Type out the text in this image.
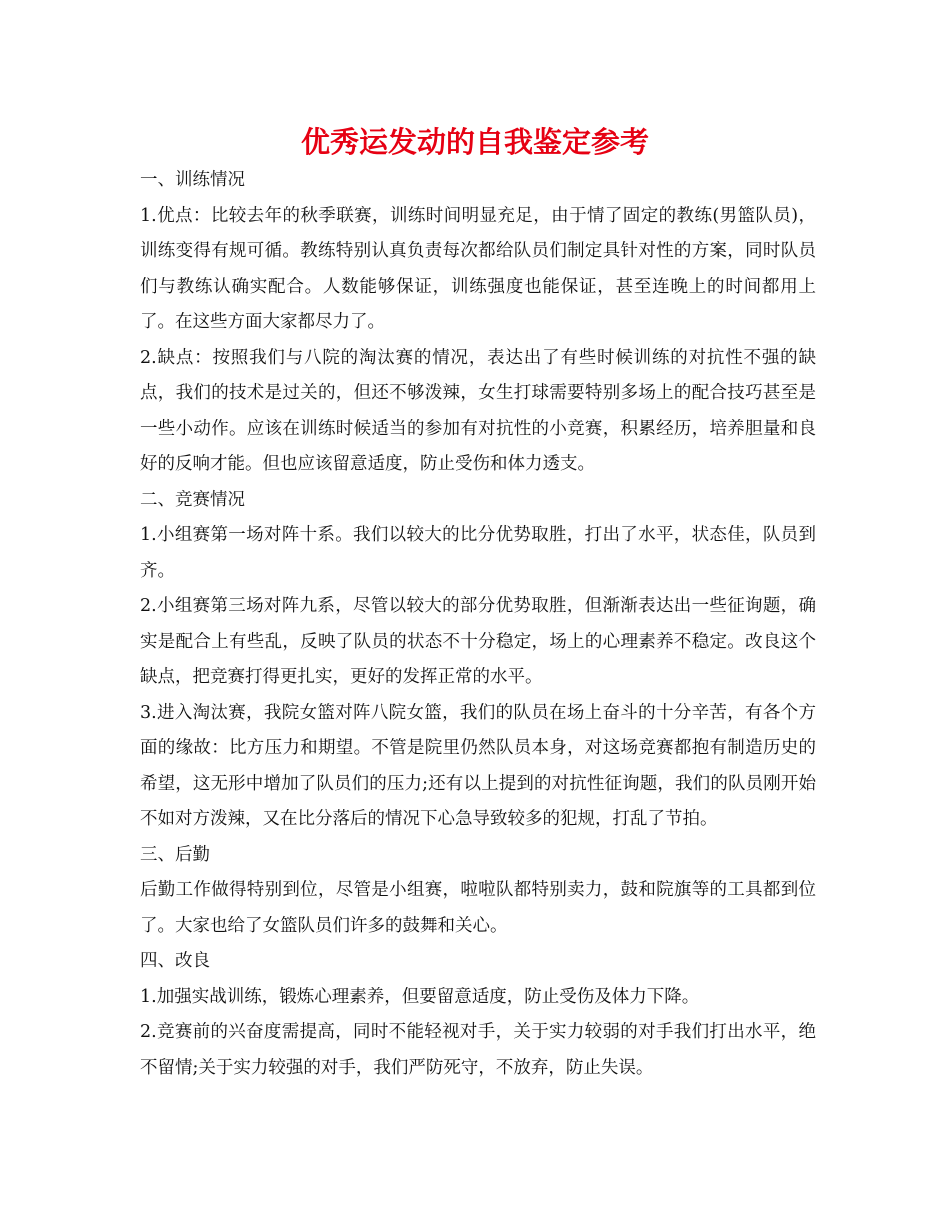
优秀运发动的自我鉴定参考

一、训练情况

1.优点：比较去年的秋季联赛，训练时间明显充足，由于情了固定的教练(男篮队员)，训练变得有规可循。教练特别认真负责每次都给队员们制定具针对性的方案，同时队员们与教练认确实配合。人数能够保证，训练强度也能保证，甚至连晚上的时间都用上了。在这些方面大家都尽力了。

2.缺点：按照我们与八院的淘汰赛的情况，表达出了有些时候训练的对抗性不强的缺点，我们的技术是过关的，但还不够泼辣，女生打球需要特别多场上的配合技巧甚至是一些小动作。应该在训练时候适当的参加有对抗性的小竞赛，积累经历，培养胆量和良好的反响才能。但也应该留意适度，防止受伤和体力透支。

二、竞赛情况

1.小组赛第一场对阵十系。我们以较大的比分优势取胜，打出了水平，状态佳，队员到齐。

2.小组赛第三场对阵九系，尽管以较大的部分优势取胜，但渐渐表达出一些征询题，确实是配合上有些乱，反映了队员的状态不十分稳定，场上的心理素养不稳定。改良这个缺点，把竞赛打得更扎实，更好的发挥正常的水平。

3.进入淘汰赛，我院女篮对阵八院女篮，我们的队员在场上奋斗的十分辛苦，有各个方面的缘故：比方压力和期望。不管是院里仍然队员本身，对这场竞赛都抱有制造历史的希望，这无形中增加了队员们的压力;还有以上提到的对抗性征询题，我们的队员刚开始不如对方泼辣，又在比分落后的情况下心急导致较多的犯规，打乱了节拍。

三、后勤

后勤工作做得特别到位，尽管是小组赛，啦啦队都特别卖力，鼓和院旗等的工具都到位了。大家也给了女篮队员们许多的鼓舞和关心。

四、改良

1.加强实战训练，锻炼心理素养，但要留意适度，防止受伤及体力下降。

2.竞赛前的兴奋度需提高，同时不能轻视对手，关于实力较弱的对手我们打出水平，绝不留情;关于实力较强的对手，我们严防死守，不放弃，防止失误。
